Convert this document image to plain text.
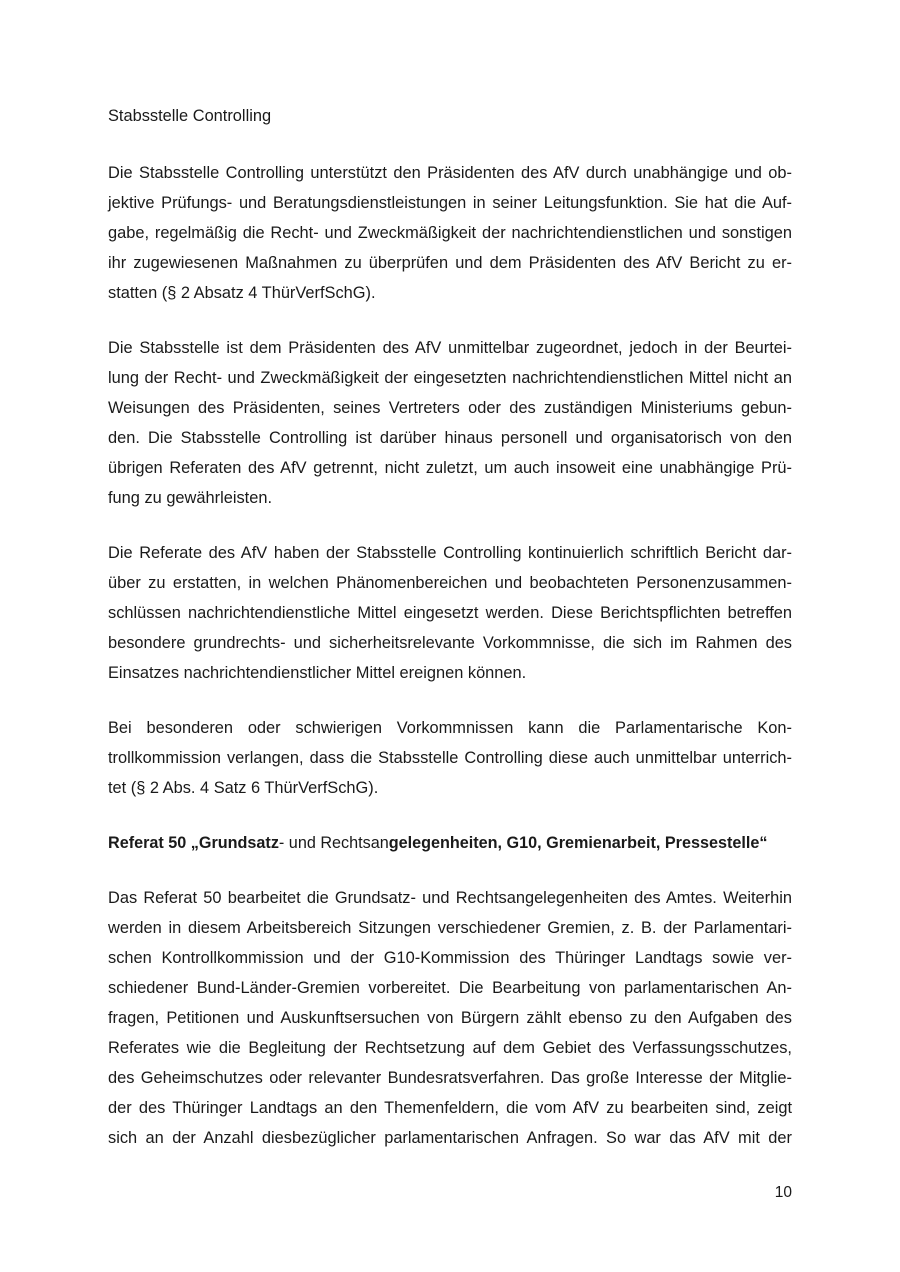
Stabsstelle Controlling
Die Stabsstelle Controlling unterstützt den Präsidenten des AfV durch unabhängige und ob-
jektive Prüfungs- und Beratungsdienstleistungen in seiner Leitungsfunktion. Sie hat die Auf-
gabe, regelmäßig die Recht- und Zweckmäßigkeit der nachrichtendienstlichen und sonstigen
ihr zugewiesenen Maßnahmen zu überprüfen und dem Präsidenten des AfV Bericht zu er-
statten (§ 2 Absatz 4 ThürVerfSchG).
Die Stabsstelle ist dem Präsidenten des AfV unmittelbar zugeordnet, jedoch in der Beurtei-
lung der Recht- und Zweckmäßigkeit der eingesetzten nachrichtendienstlichen Mittel nicht an
Weisungen des Präsidenten, seines Vertreters oder des zuständigen Ministeriums gebun-
den. Die Stabsstelle Controlling ist darüber hinaus personell und organisatorisch von den
übrigen Referaten des AfV getrennt, nicht zuletzt, um auch insoweit eine unabhängige Prü-
fung zu gewährleisten.
Die Referate des AfV haben der Stabsstelle Controlling kontinuierlich schriftlich Bericht dar-
über zu erstatten, in welchen Phänomenbereichen und beobachteten Personenzusammen-
schlüssen nachrichtendienstliche Mittel eingesetzt werden. Diese Berichtspflichten betreffen
besondere grundrechts- und sicherheitsrelevante Vorkommnisse, die sich im Rahmen des
Einsatzes nachrichtendienstlicher Mittel ereignen können.
Bei besonderen oder schwierigen Vorkommnissen kann die Parlamentarische Kon-
trollkommission verlangen, dass die Stabsstelle Controlling diese auch unmittelbar unterrich-
tet (§ 2 Abs. 4 Satz 6 ThürVerfSchG).
Referat 50 „Grundsatz- und Rechtsangelegenheiten, G10, Gremienarbeit, Pressestelle“
Das Referat 50 bearbeitet die Grundsatz- und Rechtsangelegenheiten des Amtes. Weiterhin
werden in diesem Arbeitsbereich Sitzungen verschiedener Gremien, z. B. der Parlamentari-
schen Kontrollkommission und der G10-Kommission des Thüringer Landtags sowie ver-
schiedener Bund-Länder-Gremien vorbereitet. Die Bearbeitung von parlamentarischen An-
fragen, Petitionen und Auskunftsersuchen von Bürgern zählt ebenso zu den Aufgaben des
Referates wie die Begleitung der Rechtsetzung auf dem Gebiet des Verfassungsschutzes,
des Geheimschutzes oder relevanter Bundesratsverfahren. Das große Interesse der Mitglie-
der des Thüringer Landtags an den Themenfeldern, die vom AfV zu bearbeiten sind, zeigt
sich an der Anzahl diesbezüglicher parlamentarischen Anfragen. So war das AfV mit der
10
